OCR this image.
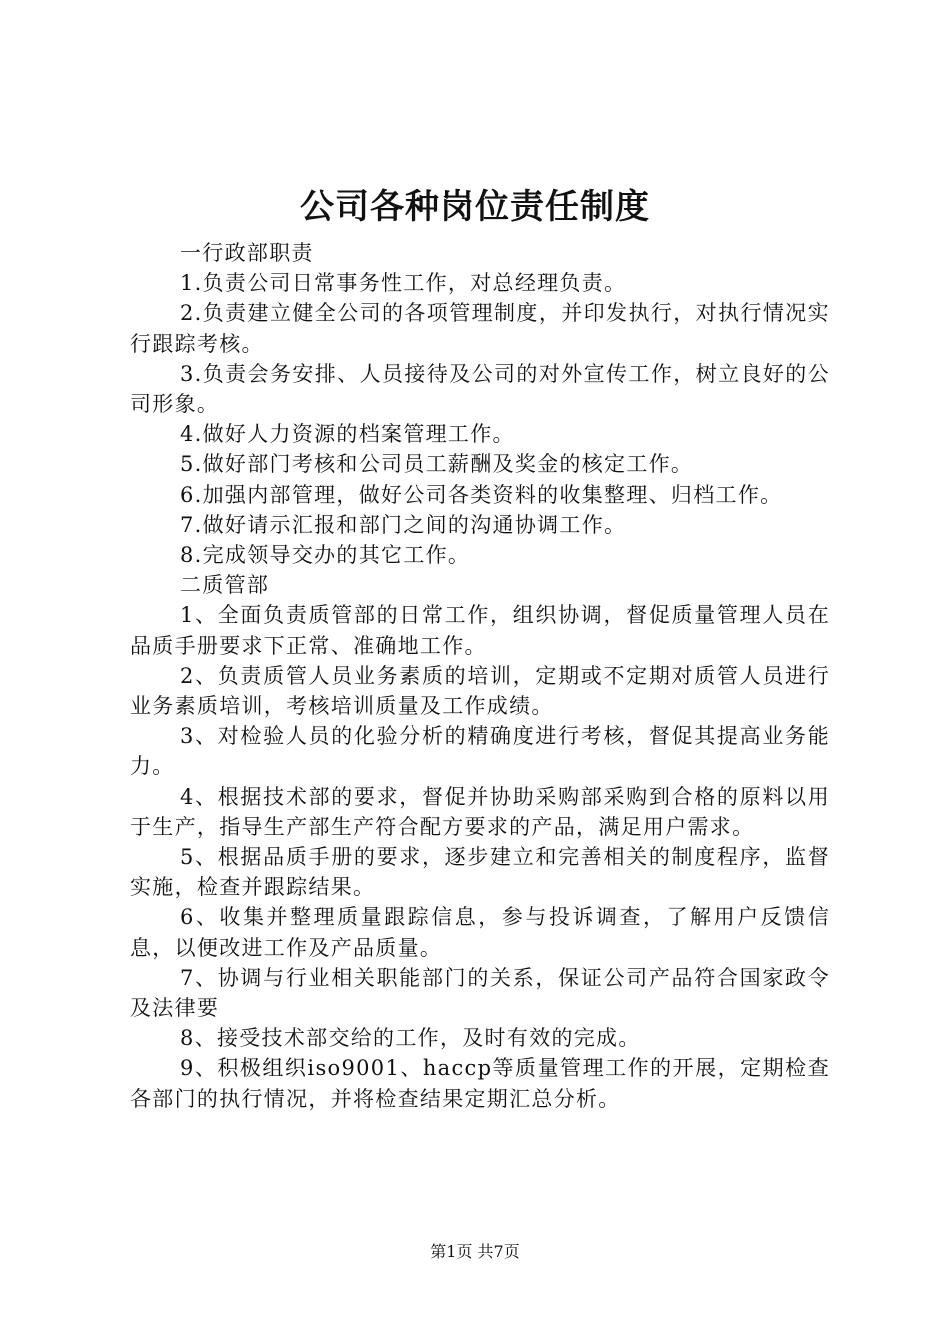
公司各种岗位责任制度

一行政部职责

1.负责公司日常事务性工作，对总经理负责。

2.负责建立健全公司的各项管理制度，并印发执行，对执行情况实行跟踪考核。

3.负责会务安排、人员接待及公司的对外宣传工作，树立良好的公司形象。

4.做好人力资源的档案管理工作。

5.做好部门考核和公司员工薪酬及奖金的核定工作。

6.加强内部管理，做好公司各类资料的收集整理、归档工作。

7.做好请示汇报和部门之间的沟通协调工作。

8.完成领导交办的其它工作。

二质管部

1、全面负责质管部的日常工作，组织协调，督促质量管理人员在品质手册要求下正常、准确地工作。

2、负责质管人员业务素质的培训，定期或不定期对质管人员进行业务素质培训，考核培训质量及工作成绩。

3、对检验人员的化验分析的精确度进行考核，督促其提高业务能力。

4、根据技术部的要求，督促并协助采购部采购到合格的原料以用于生产，指导生产部生产符合配方要求的产品，满足用户需求。

5、根据品质手册的要求，逐步建立和完善相关的制度程序，监督实施，检查并跟踪结果。

6、收集并整理质量跟踪信息，参与投诉调查，了解用户反馈信息，以便改进工作及产品质量。

7、协调与行业相关职能部门的关系，保证公司产品符合国家政令及法律要

8、接受技术部交给的工作，及时有效的完成。

9、积极组织iso9001、haccp等质量管理工作的开展，定期检查各部门的执行情况，并将检查结果定期汇总分析。

第1页 共7页
